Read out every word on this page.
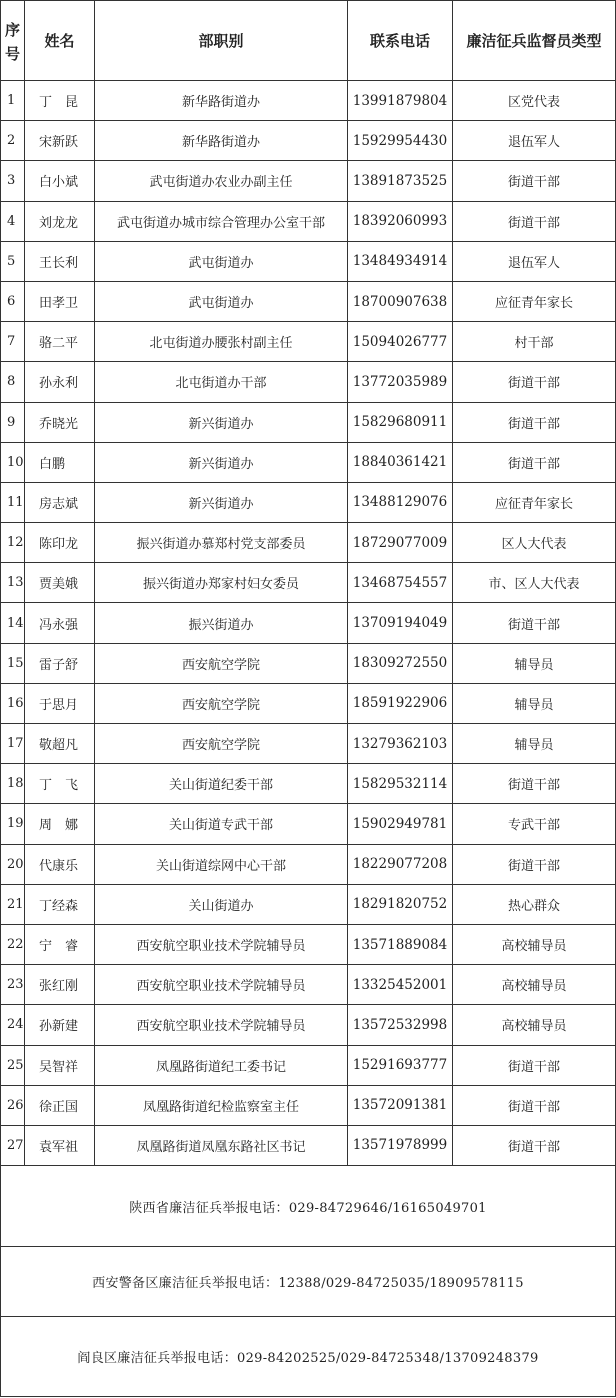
序
号	姓名	部职别	联系电话	廉洁征兵监督员类型
1	丁　昆	新华路街道办	13991879804	区党代表
2	宋新跃	新华路街道办	15929954430	退伍军人
3	白小斌	武屯街道办农业办副主任	13891873525	街道干部
4	刘龙龙	武屯街道办城市综合管理办公室干部	18392060993	街道干部
5	王长利	武屯街道办	13484934914	退伍军人
6	田孝卫	武屯街道办	18700907638	应征青年家长
7	骆二平	北屯街道办腰张村副主任	15094026777	村干部
8	孙永利	北屯街道办干部	13772035989	街道干部
9	乔晓光	新兴街道办	15829680911	街道干部
10	白鹏	新兴街道办	18840361421	街道干部
11	房志斌	新兴街道办	13488129076	应征青年家长
12	陈印龙	振兴街道办慕郑村党支部委员	18729077009	区人大代表
13	贾美娥	振兴街道办郑家村妇女委员	13468754557	市、区人大代表
14	冯永强	振兴街道办	13709194049	街道干部
15	雷子舒	西安航空学院	18309272550	辅导员
16	于思月	西安航空学院	18591922906	辅导员
17	敬超凡	西安航空学院	13279362103	辅导员
18	丁　飞	关山街道纪委干部	15829532114	街道干部
19	周　娜	关山街道专武干部	15902949781	专武干部
20	代康乐	关山街道综网中心干部	18229077208	街道干部
21	丁经森	关山街道办	18291820752	热心群众
22	宁　睿	西安航空职业技术学院辅导员	13571889084	高校辅导员
23	张红刚	西安航空职业技术学院辅导员	13325452001	高校辅导员
24	孙新建	西安航空职业技术学院辅导员	13572532998	高校辅导员
25	吴智祥	凤凰路街道纪工委书记	15291693777	街道干部
26	徐正国	凤凰路街道纪检监察室主任	13572091381	街道干部
27	袁军祖	凤凰路街道凤凰东路社区书记	13571978999	街道干部
陕西省廉洁征兵举报电话：029-84729646/16165049701				
西安警备区廉洁征兵举报电话：12388/029-84725035/18909578115				
阎良区廉洁征兵举报电话：029-84202525/029-84725348/13709248379				
